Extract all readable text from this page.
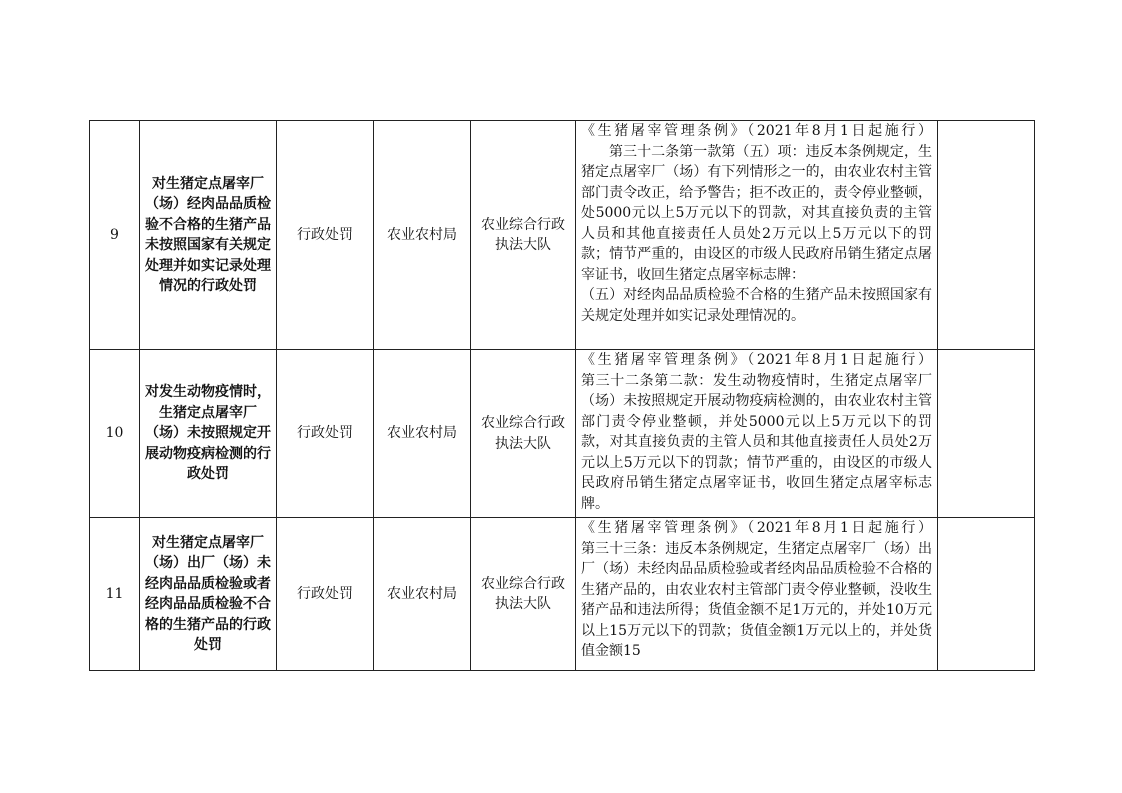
9	对生猪定点屠宰厂（场）经肉品品质检验不合格的生猪产品未按照国家有关规定处理并如实记录处理情况的行政处罚	行政处罚	农业农村局	农业综合行政执法大队	《生猪屠宰管理条例》（2021年8月1日起施行）

第三十二条第一款第（五）项：违反本条例规定，生猪定点屠宰厂（场）有下列情形之一的，由农业农村主管部门责令改正，给予警告；拒不改正的，责令停业整顿，处5000元以上5万元以下的罚款，对其直接负责的主管人员和其他直接责任人员处2万元以上5万元以下的罚款；情节严重的，由设区的市级人民政府吊销生猪定点屠宰证书，收回生猪定点屠宰标志牌：

（五）对经肉品品质检验不合格的生猪产品未按照国家有关规定处理并如实记录处理情况的。	

10	对发生动物疫情时，生猪定点屠宰厂（场）未按照规定开展动物疫病检测的行政处罚	行政处罚	农业农村局	农业综合行政执法大队	《生猪屠宰管理条例》（2021年8月1日起施行）

第三十二条第二款：发生动物疫情时，生猪定点屠宰厂（场）未按照规定开展动物疫病检测的，由农业农村主管部门责令停业整顿，并处5000元以上5万元以下的罚款，对其直接负责的主管人员和其他直接责任人员处2万元以上5万元以下的罚款；情节严重的，由设区的市级人民政府吊销生猪定点屠宰证书，收回生猪定点屠宰标志牌。	

11	对生猪定点屠宰厂（场）出厂（场）未经肉品品质检验或者经肉品品质检验不合格的生猪产品的行政处罚	行政处罚	农业农村局	农业综合行政执法大队	《生猪屠宰管理条例》（2021年8月1日起施行）

第三十三条：违反本条例规定，生猪定点屠宰厂（场）出厂（场）未经肉品品质检验或者经肉品品质检验不合格的生猪产品的，由农业农村主管部门责令停业整顿，没收生猪产品和违法所得；货值金额不足1万元的，并处10万元以上15万元以下的罚款；货值金额1万元以上的，并处货值金额15	
